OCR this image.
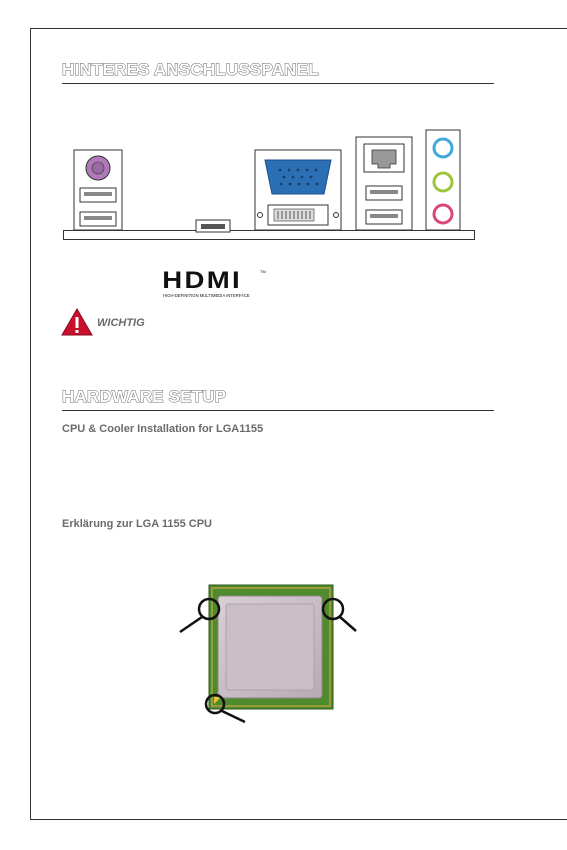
HINTERES ANSCHLUSSPANEL
HDMI	TM
HIGH-DEFINITION MULTIMEDIA INTERFACE
WICHTIG
HARDWARE SETUP
CPU & Cooler Installation for LGA1155
Erklärung zur LGA 1155 CPU
